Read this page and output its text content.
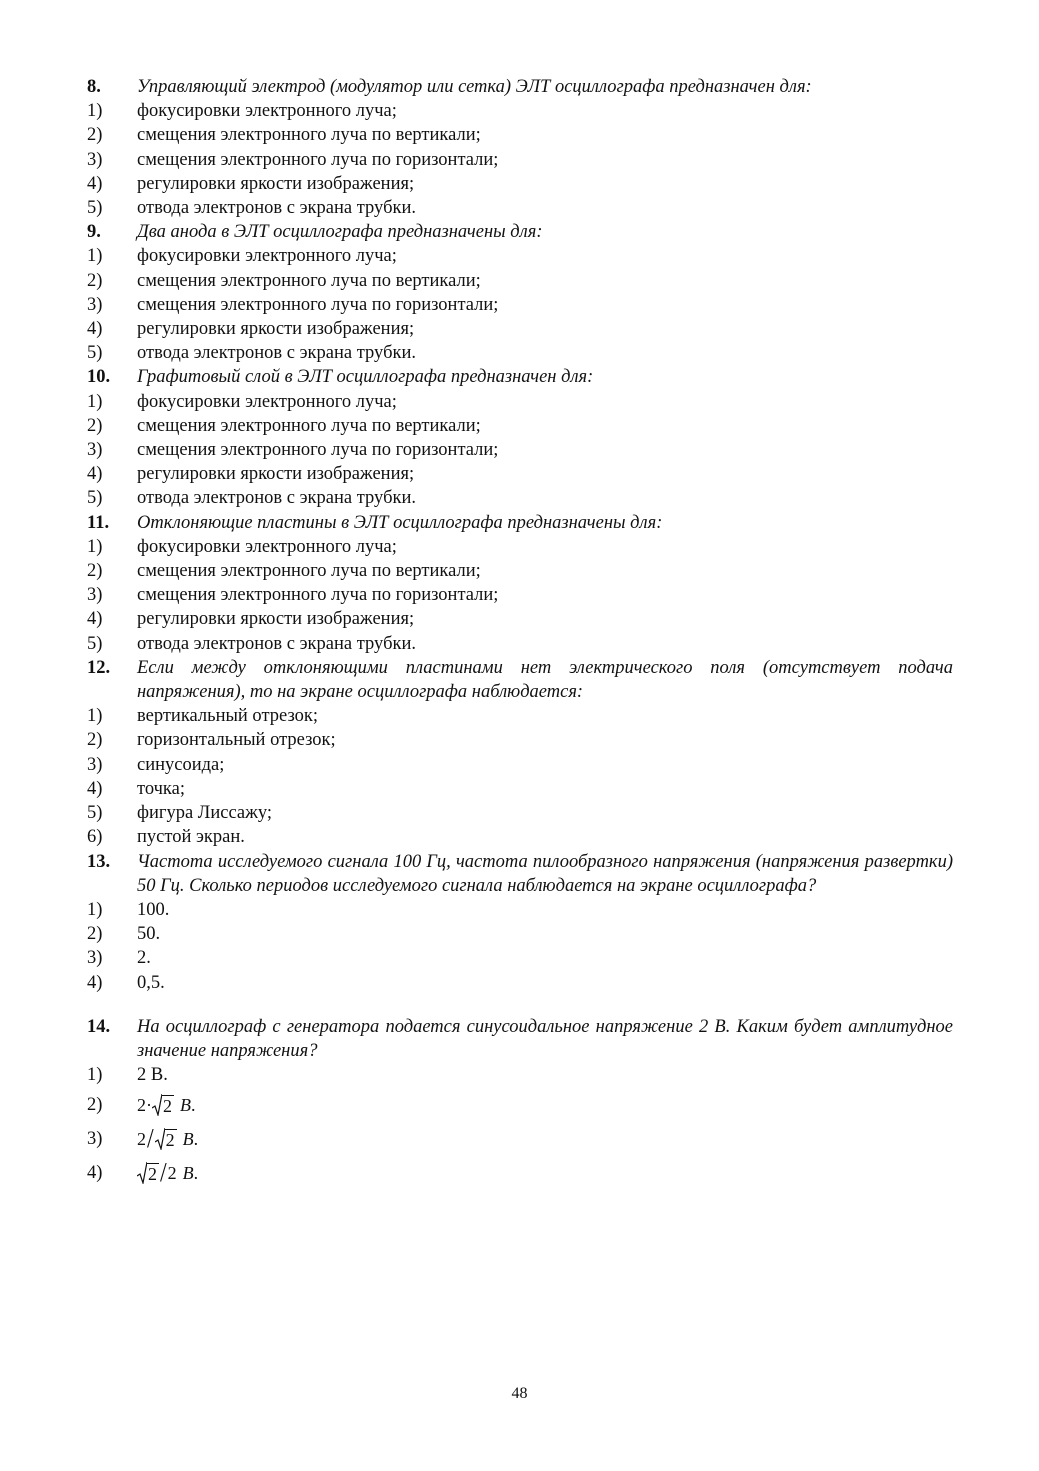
8. Управляющий электрод (модулятор или сетка) ЭЛТ осциллографа предназначен для:

1)	фокусировки электронного луча;
2)	смещения электронного луча по вертикали;
3)	смещения электронного луча по горизонтали;
4)	регулировки яркости изображения;
5)	отвода электронов с экрана трубки.

9. Два анода в ЭЛТ осциллографа предназначены для:

1)	фокусировки электронного луча;
2)	смещения электронного луча по вертикали;
3)	смещения электронного луча по горизонтали;
4)	регулировки яркости изображения;
5)	отвода электронов с экрана трубки.

10. Графитовый слой в ЭЛТ осциллографа предназначен для:

1)	фокусировки электронного луча;
2)	смещения электронного луча по вертикали;
3)	смещения электронного луча по горизонтали;
4)	регулировки яркости изображения;
5)	отвода электронов с экрана трубки.

11. Отклоняющие пластины в ЭЛТ осциллографа предназначены для:

1)	фокусировки электронного луча;
2)	смещения электронного луча по вертикали;
3)	смещения электронного луча по горизонтали;
4)	регулировки яркости изображения;
5)	отвода электронов с экрана трубки.

12. Если между отклоняющими пластинами нет электрического поля (отсутствует подача напряжения), то на экране осциллографа наблюдается:

1)	вертикальный отрезок;
2)	горизонтальный отрезок;
3)	синусоида;
4)	точка;
5)	фигура Лиссажу;
6)	пустой экран.

13. Частота исследуемого сигнала 100 Гц, частота пилообразного напряжения (напряжения развертки) 50 Гц. Сколько периодов исследуемого сигнала наблюдается на экране осциллографа?

1)	100.
2)	50.
3)	2.
4)	0,5.

14. На осциллограф с генератора подается синусоидальное напряжение 2 В. Каким будет амплитудное значение напряжения?

1)	2 В.
2)	2· 2 B .
3)	2 / 2 B .
4)	2 / 2 B .
48
